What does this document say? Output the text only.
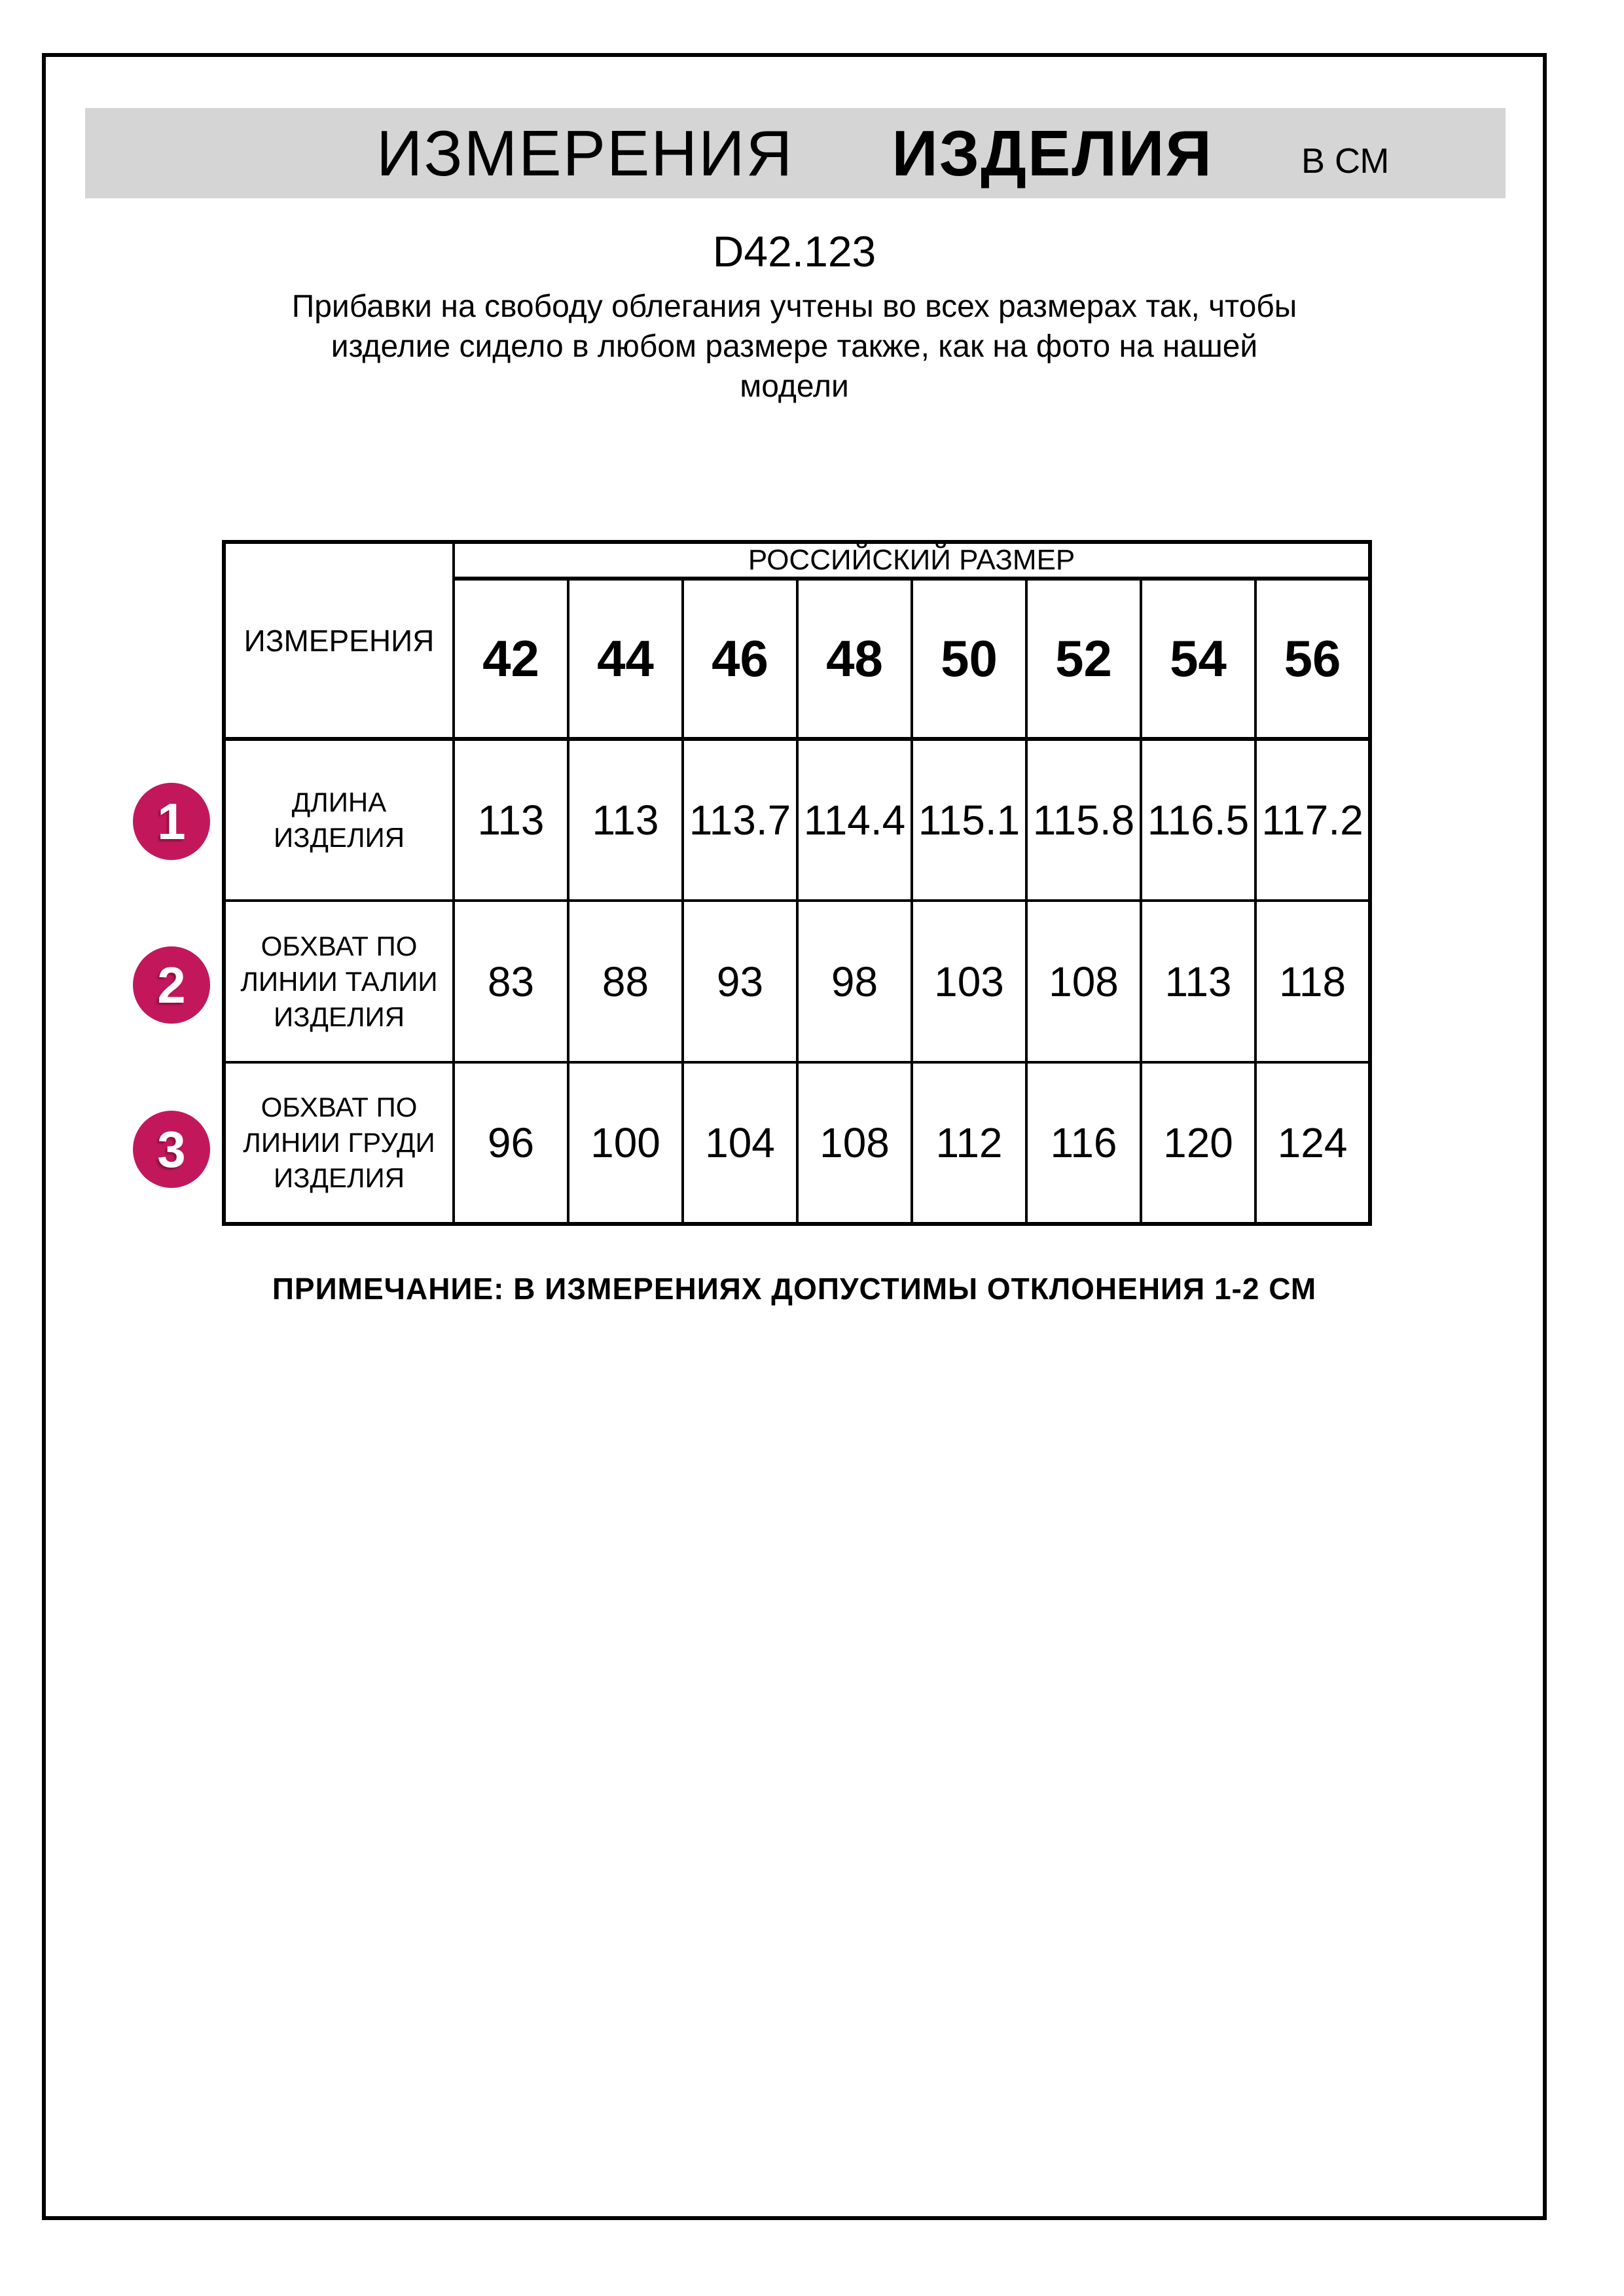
ИЗМЕРЕНИЯ ИЗДЕЛИЯ	В СМ
D42.123
Прибавки на свободу облегания учтены во всех размерах так, чтобы
изделие сидело в любом размере также, как на фото на нашей
модели
ИЗМЕРЕНИЯ	РОССИЙСКИЙ РАЗМЕР							
	42	44	46	48	50	52	54	56

ДЛИНА
ИЗДЕЛИЯ	113	113	113.7	114.4	115.1	115.8	116.5	117.2

ОБХВАТ ПО
ЛИНИИ ТАЛИИ
ИЗДЕЛИЯ	83	88	93	98	103	108	113	118

ОБХВАТ ПО
ЛИНИИ ГРУДИ
ИЗДЕЛИЯ	96	100	104	108	112	116	120	124
1
2
3
ПРИМЕЧАНИЕ: В ИЗМЕРЕНИЯХ ДОПУСТИМЫ ОТКЛОНЕНИЯ 1-2 СМ
